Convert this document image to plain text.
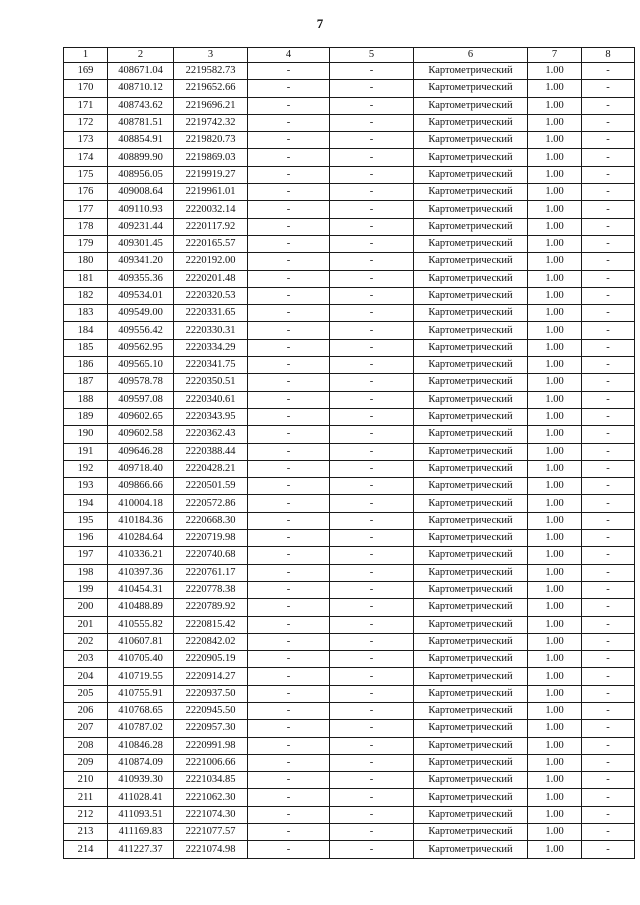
7
1	2	3	4	5	6	7	8
169	408671.04	2219582.73	-	-	Картометрический	1.00	-
170	408710.12	2219652.66	-	-	Картометрический	1.00	-
171	408743.62	2219696.21	-	-	Картометрический	1.00	-
172	408781.51	2219742.32	-	-	Картометрический	1.00	-
173	408854.91	2219820.73	-	-	Картометрический	1.00	-
174	408899.90	2219869.03	-	-	Картометрический	1.00	-
175	408956.05	2219919.27	-	-	Картометрический	1.00	-
176	409008.64	2219961.01	-	-	Картометрический	1.00	-
177	409110.93	2220032.14	-	-	Картометрический	1.00	-
178	409231.44	2220117.92	-	-	Картометрический	1.00	-
179	409301.45	2220165.57	-	-	Картометрический	1.00	-
180	409341.20	2220192.00	-	-	Картометрический	1.00	-
181	409355.36	2220201.48	-	-	Картометрический	1.00	-
182	409534.01	2220320.53	-	-	Картометрический	1.00	-
183	409549.00	2220331.65	-	-	Картометрический	1.00	-
184	409556.42	2220330.31	-	-	Картометрический	1.00	-
185	409562.95	2220334.29	-	-	Картометрический	1.00	-
186	409565.10	2220341.75	-	-	Картометрический	1.00	-
187	409578.78	2220350.51	-	-	Картометрический	1.00	-
188	409597.08	2220340.61	-	-	Картометрический	1.00	-
189	409602.65	2220343.95	-	-	Картометрический	1.00	-
190	409602.58	2220362.43	-	-	Картометрический	1.00	-
191	409646.28	2220388.44	-	-	Картометрический	1.00	-
192	409718.40	2220428.21	-	-	Картометрический	1.00	-
193	409866.66	2220501.59	-	-	Картометрический	1.00	-
194	410004.18	2220572.86	-	-	Картометрический	1.00	-
195	410184.36	2220668.30	-	-	Картометрический	1.00	-
196	410284.64	2220719.98	-	-	Картометрический	1.00	-
197	410336.21	2220740.68	-	-	Картометрический	1.00	-
198	410397.36	2220761.17	-	-	Картометрический	1.00	-
199	410454.31	2220778.38	-	-	Картометрический	1.00	-
200	410488.89	2220789.92	-	-	Картометрический	1.00	-
201	410555.82	2220815.42	-	-	Картометрический	1.00	-
202	410607.81	2220842.02	-	-	Картометрический	1.00	-
203	410705.40	2220905.19	-	-	Картометрический	1.00	-
204	410719.55	2220914.27	-	-	Картометрический	1.00	-
205	410755.91	2220937.50	-	-	Картометрический	1.00	-
206	410768.65	2220945.50	-	-	Картометрический	1.00	-
207	410787.02	2220957.30	-	-	Картометрический	1.00	-
208	410846.28	2220991.98	-	-	Картометрический	1.00	-
209	410874.09	2221006.66	-	-	Картометрический	1.00	-
210	410939.30	2221034.85	-	-	Картометрический	1.00	-
211	411028.41	2221062.30	-	-	Картометрический	1.00	-
212	411093.51	2221074.30	-	-	Картометрический	1.00	-
213	411169.83	2221077.57	-	-	Картометрический	1.00	-
214	411227.37	2221074.98	-	-	Картометрический	1.00	-
